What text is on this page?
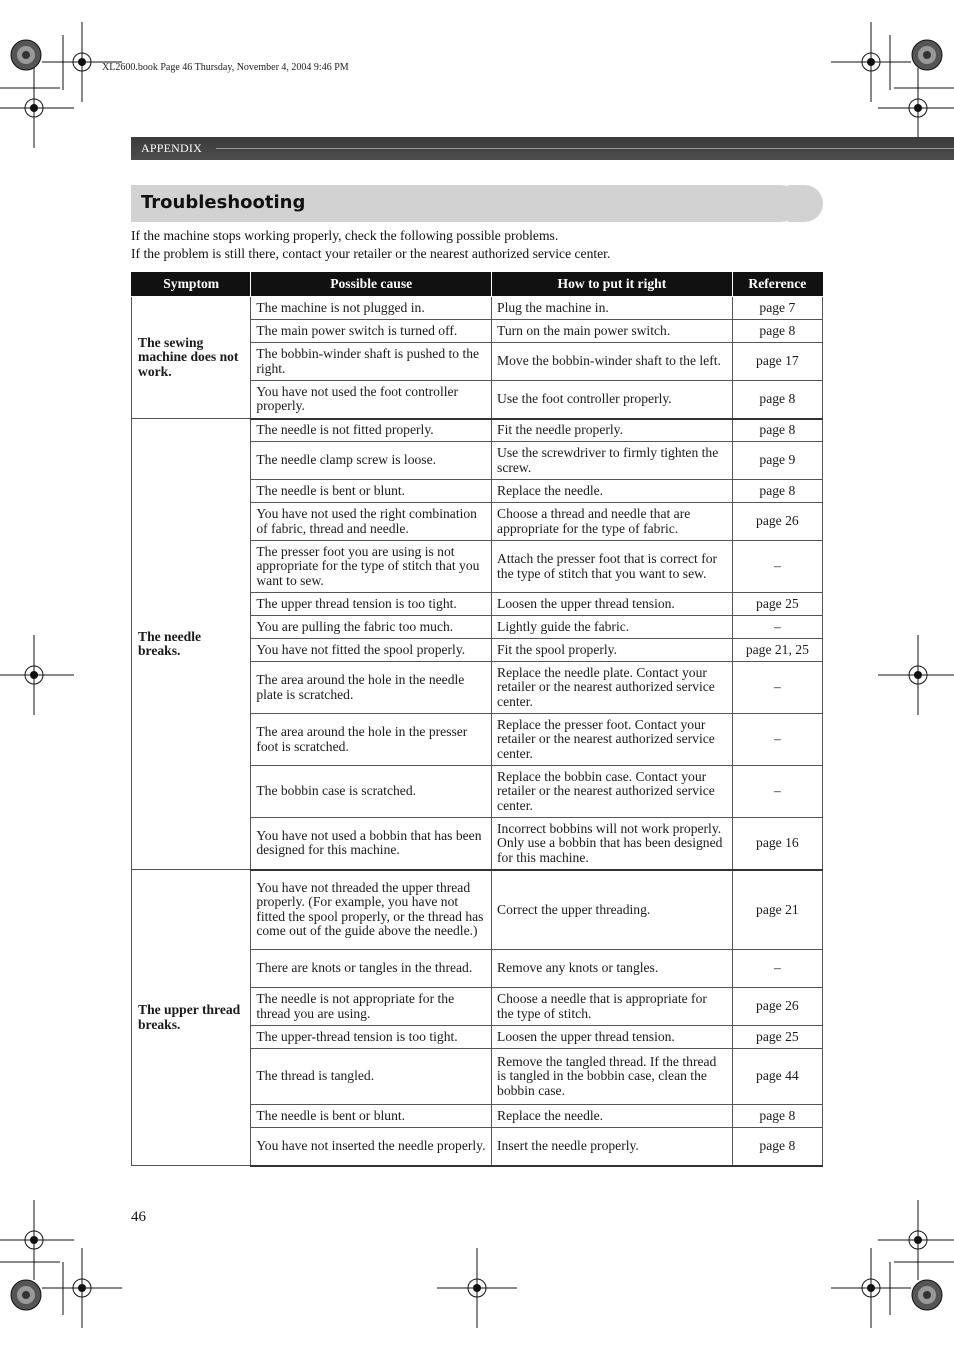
XL2600.book Page 46 Thursday, November 4, 2004 9:46 PM
APPENDIX
Troubleshooting

If the machine stops working properly, check the following possible problems.

If the problem is still there, contact your retailer or the nearest authorized service center.

Symptom	Possible cause	How to put it right	Reference
The sewing machine does not work.	The machine is not plugged in.	Plug the machine in.	page 7
	The main power switch is turned off.	Turn on the main power switch.	page 8
	The bobbin-winder shaft is pushed to the right.	Move the bobbin-winder shaft to the left.	page 17
	You have not used the foot controller properly.	Use the foot controller properly.	page 8
The needle breaks.	The needle is not fitted properly.	Fit the needle properly.	page 8
	The needle clamp screw is loose.	Use the screwdriver to firmly tighten the screw.	page 9
	The needle is bent or blunt.	Replace the needle.	page 8
	You have not used the right combination of fabric, thread and needle.	Choose a thread and needle that are appropriate for the type of fabric.	page 26
	The presser foot you are using is not appropriate for the type of stitch that you want to sew.	Attach the presser foot that is correct for the type of stitch that you want to sew.	–
	The upper thread tension is too tight.	Loosen the upper thread tension.	page 25
	You are pulling the fabric too much.	Lightly guide the fabric.	–
	You have not fitted the spool properly.	Fit the spool properly.	page 21, 25
	The area around the hole in the needle plate is scratched.	Replace the needle plate. Contact your retailer or the nearest authorized service center.	–
	The area around the hole in the presser foot is scratched.	Replace the presser foot. Contact your retailer or the nearest authorized service center.	–
	The bobbin case is scratched.	Replace the bobbin case. Contact your retailer or the nearest authorized service center.	–
	You have not used a bobbin that has been designed for this machine.	Incorrect bobbins will not work properly. Only use a bobbin that has been designed for this machine.	page 16
The upper thread breaks.	You have not threaded the upper thread properly. (For example, you have not fitted the spool properly, or the thread has come out of the guide above the needle.)	Correct the upper threading.	page 21
	There are knots or tangles in the thread.	Remove any knots or tangles.	–
	The needle is not appropriate for the thread you are using.	Choose a needle that is appropriate for the type of stitch.	page 26
	The upper-thread tension is too tight.	Loosen the upper thread tension.	page 25
	The thread is tangled.	Remove the tangled thread. If the thread is tangled in the bobbin case, clean the bobbin case.	page 44
	The needle is bent or blunt.	Replace the needle.	page 8
	You have not inserted the needle properly.	Insert the needle properly.	page 8
46
